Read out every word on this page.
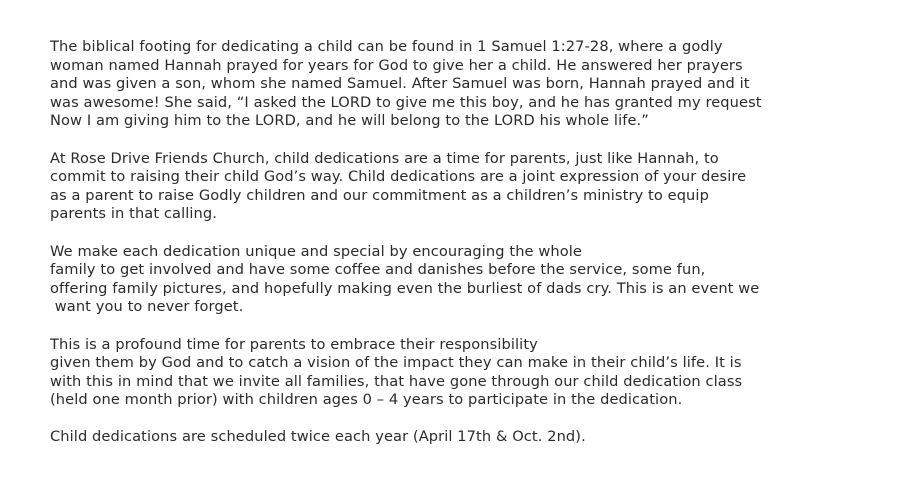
The biblical footing for dedicating a child can be found in 1 Samuel 1:27-28, where a godly
woman named Hannah prayed for years for God to give her a child. He answered her prayers
and was given a son, whom she named Samuel. After Samuel was born, Hannah prayed and it
was awesome! She said, “I asked the LORD to give me this boy, and he has granted my request
Now I am giving him to the LORD, and he will belong to the LORD his whole life.”

At Rose Drive Friends Church, child dedications are a time for parents, just like Hannah, to
commit to raising their child God’s way. Child dedications are a joint expression of your desire
as a parent to raise Godly children and our commitment as a children’s ministry to equip
parents in that calling.

We make each dedication unique and special by encouraging the whole
family to get involved and have some coffee and danishes before the service, some fun,
offering family pictures, and hopefully making even the burliest of dads cry. This is an event we
want you to never forget.

This is a profound time for parents to embrace their responsibility
given them by God and to catch a vision of the impact they can make in their child’s life. It is
with this in mind that we invite all families, that have gone through our child dedication class
(held one month prior) with children ages 0 – 4 years to participate in the dedication.

Child dedications are scheduled twice each year (April 17th & Oct. 2nd).
